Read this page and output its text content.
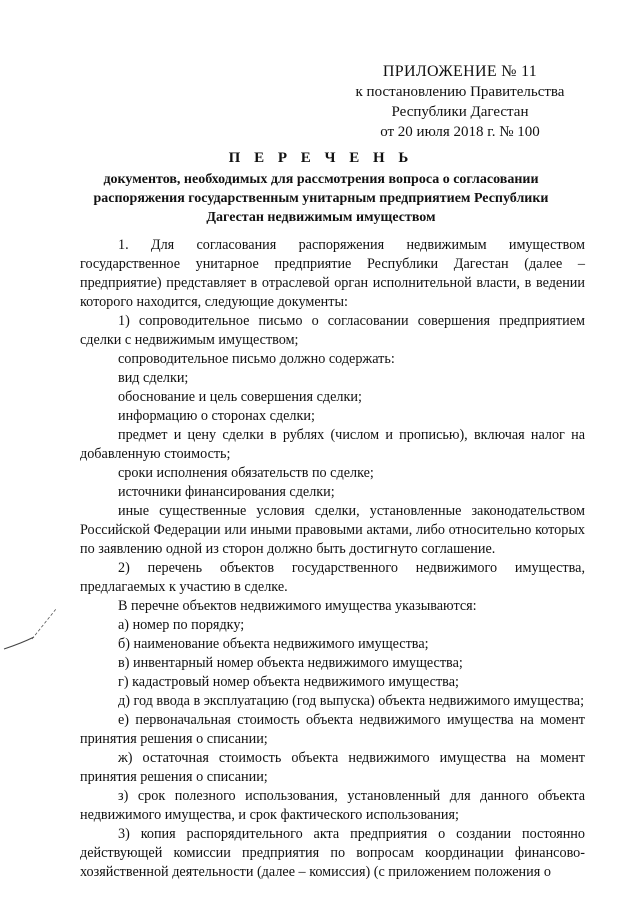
ПРИЛОЖЕНИЕ № 11
к постановлению Правительства
Республики Дагестан
от 20 июля 2018 г. № 100
П Е Р Е Ч Е Н Ь
документов, необходимых для рассмотрения вопроса о согласовании
распоряжения государственным унитарным предприятием Республики
Дагестан недвижимым имуществом

1. Для согласования распоряжения недвижимым имуществом государственное унитарное предприятие Республики Дагестан (далее – предприятие) представляет в отраслевой орган исполнительной власти, в ведении которого находится, следующие документы:

1) сопроводительное письмо о согласовании совершения предприятием сделки с недвижимым имуществом;

сопроводительное письмо должно содержать:

вид сделки;

обоснование и цель совершения сделки;

информацию о сторонах сделки;

предмет и цену сделки в рублях (числом и прописью), включая налог на добавленную стоимость;

сроки исполнения обязательств по сделке;

источники финансирования сделки;

иные существенные условия сделки, установленные законодательством Российской Федерации или иными правовыми актами, либо относительно которых по заявлению одной из сторон должно быть достигнуто соглашение.

2) перечень объектов государственного недвижимого имущества, предлагаемых к участию в сделке.

В перечне объектов недвижимого имущества указываются:

а) номер по порядку;

б) наименование объекта недвижимого имущества;

в) инвентарный номер объекта недвижимого имущества;

г) кадастровый номер объекта недвижимого имущества;

д) год ввода в эксплуатацию (год выпуска) объекта недвижимого имущества;

е) первоначальная стоимость объекта недвижимого имущества на момент принятия решения о списании;

ж) остаточная стоимость объекта недвижимого имущества на момент принятия решения о списании;

з) срок полезного использования, установленный для данного объекта недвижимого имущества, и срок фактического использования;

3) копия распорядительного акта предприятия о создании постоянно действующей комиссии предприятия по вопросам координации финансово-хозяйственной деятельности (далее – комиссия) (с приложением положения о
